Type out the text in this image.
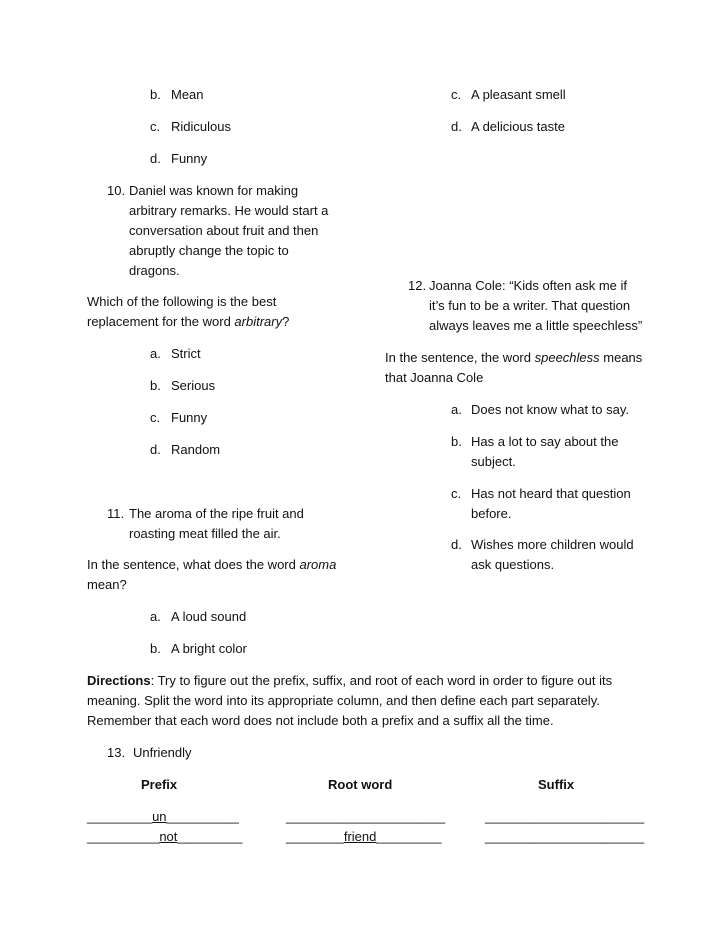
b. Mean
c. Ridiculous
d. Funny
c. A pleasant smell
d. A delicious taste
10. Daniel was known for making
arbitrary remarks. He would start a
conversation about fruit and then
abruptly change the topic to
dragons.
Which of the following is the best
replacement for the word arbitrary?
a. Strict
b. Serious
c. Funny
d. Random
11. The aroma of the ripe fruit and
roasting meat filled the air.
In the sentence, what does the word aroma
mean?
a. A loud sound
b. A bright color
12. Joanna Cole: “Kids often ask me if
it’s fun to be a writer. That question
always leaves me a little speechless”
In the sentence, the word speechless means
that Joanna Cole
a. Does not know what to say.
b. Has a lot to say about the
subject.
c. Has not heard that question
before.
d. Wishes more children would
ask questions.
Directions: Try to figure out the prefix, suffix, and root of each word in order to figure out its
meaning. Split the word into its appropriate column, and then define each part separately.
Remember that each word does not include both a prefix and a suffix all the time.
13. Unfriendly
Prefix	Root word	Suffix
_________un__________	______________________	______________________
__________not_________	________friend_________	______________________
